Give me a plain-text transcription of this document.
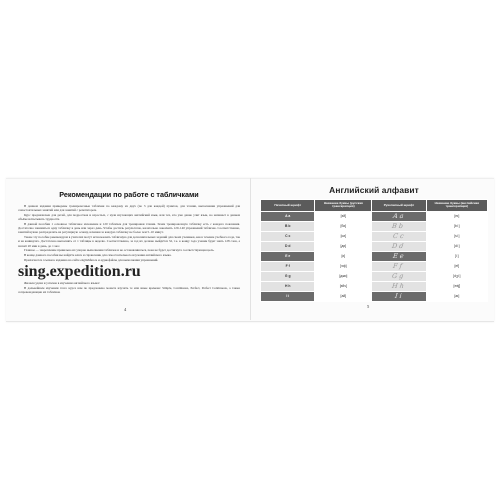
Рекомендации по работе с табличками

В данном издании приведены тренировочные таблички по каждому из двух (по 3 для каждой) пунктов, для чтения, выполнения упражнений для самостоятельных занятий или для занятий с репетитором.

Курс предназначен для детей, для подростков и взрослых, с нуля изучающих английский язык, или тех, кто уже давно учит язык, но начинает в данном объёме испытывать трудности.

В данной пособии 1 основное табличное изложение и 120 табличек для тренировки чтения. Зачем тренировочную табличку есть с каждого показания. Достаточно заниматься одну табличку в день или через день. Чтобы достичь результатов, желательно закончить 120–140 упражнений табличек. Соответственно, занятий нужно распределить на регулярную основу, начиная за каждую табличку не более чем 5–10 минут.

Также эту пособие рекомендуем в учителях могут использовать табличную для дополнительных заданий для своих учеников, как в течение учебного года, так и на каникулах. Достаточно выполнять от 1 таблицы в неделю. Соответственно, за год их должно выйдётся 32, т.е. к концу года ученик будет знать 128 слов, а значит 20 мин в день, до 1 мес.

Главное — закрепление правильно их упорно выполнения табличек и не останавливаться, пока не будет достигнута соответствующая цель.

В конце данного пособия вы найдёте ключ и справочник для самостоятельного изучения английского языка.

Прилагаются ссылки к изданию на сайте englishfun.ru и аудиофайлы для выполнения упражнений.

sing.expedition.ru

Желаем удачи и успехов в изучении английского языка!

В дальнейшем изучении этого курса вам по предложено можете изучить те или иные времена: Simple, Continuous, Perfect, Perfect Continuous, а также сопровождающие их таблички.

4
Английский алфавит
Печатный шрифт	Название буквы (русская транскрипция)	Рукописный шрифт	Название буквы (английская транскрипция)
A a	[эй]	Aa	[eɪ]
B b	[би]	Bb	[biː]
C c	[си]	Cc	[siː]
D d	[ди]	Dd	[diː]
E e	[и]	Ee	[iː]
F f	[эф]	Ff	[ef]
G g	[джи]	Gg	[dʒiː]
H h	[эйч]	Hh	[eɪtʃ]
I i	[ай]	Ii	[aɪ]
5
